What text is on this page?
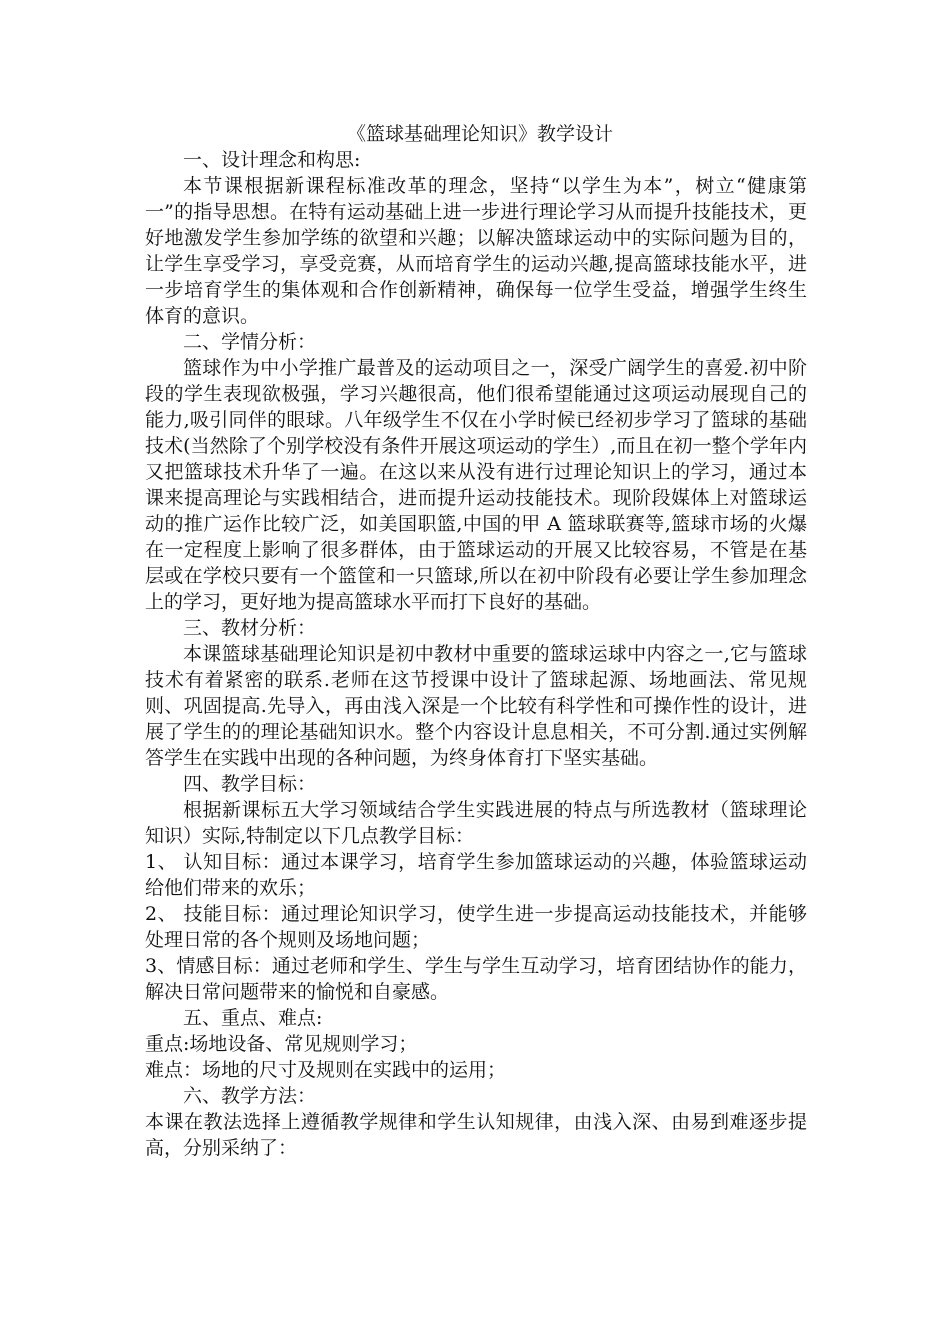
《篮球基础理论知识》教学设计

一、设计理念和构思:

本节课根据新课程标准改革的理念，坚持“以学生为本”，树立“健康第一”的指导思想。在特有运动基础上进一步进行理论学习从而提升技能技术，更好地激发学生参加学练的欲望和兴趣；以解决篮球运动中的实际问题为目的，让学生享受学习，享受竞赛，从而培育学生的运动兴趣,提高篮球技能水平，进一步培育学生的集体观和合作创新精神，确保每一位学生受益，增强学生终生体育的意识。

二、学情分析：

篮球作为中小学推广最普及的运动项目之一，深受广阔学生的喜爱.初中阶段的学生表现欲极强，学习兴趣很高，他们很希望能通过这项运动展现自己的能力,吸引同伴的眼球。八年级学生不仅在小学时候已经初步学习了篮球的基础技术(当然除了个别学校没有条件开展这项运动的学生）,而且在初一整个学年内又把篮球技术升华了一遍。在这以来从没有进行过理论知识上的学习，通过本课来提高理论与实践相结合，进而提升运动技能技术。现阶段媒体上对篮球运动的推广运作比较广泛，如美国职篮,中国的甲 A 篮球联赛等,篮球市场的火爆在一定程度上影响了很多群体，由于篮球运动的开展又比较容易，不管是在基层或在学校只要有一个篮筐和一只篮球,所以在初中阶段有必要让学生参加理念上的学习，更好地为提高篮球水平而打下良好的基础。

三、教材分析：

本课篮球基础理论知识是初中教材中重要的篮球运球中内容之一,它与篮球技术有着紧密的联系.老师在这节授课中设计了篮球起源、场地画法、常见规则、巩固提高.先导入，再由浅入深是一个比较有科学性和可操作性的设计，进展了学生的的理论基础知识水。整个内容设计息息相关，不可分割.通过实例解答学生在实践中出现的各种问题，为终身体育打下坚实基础。

四、教学目标：

根据新课标五大学习领域结合学生实践进展的特点与所选教材（篮球理论知识）实际,特制定以下几点教学目标：

1、 认知目标：通过本课学习，培育学生参加篮球运动的兴趣，体验篮球运动给他们带来的欢乐；

2、 技能目标：通过理论知识学习，使学生进一步提高运动技能技术，并能够处理日常的各个规则及场地问题；

3、情感目标：通过老师和学生、学生与学生互动学习，培育团结协作的能力，解决日常问题带来的愉悦和自豪感。

五、重点、难点:

重点:场地设备、常见规则学习；

难点：场地的尺寸及规则在实践中的运用；

六、教学方法：

本课在教法选择上遵循教学规律和学生认知规律，由浅入深、由易到难逐步提高，分别采纳了：
